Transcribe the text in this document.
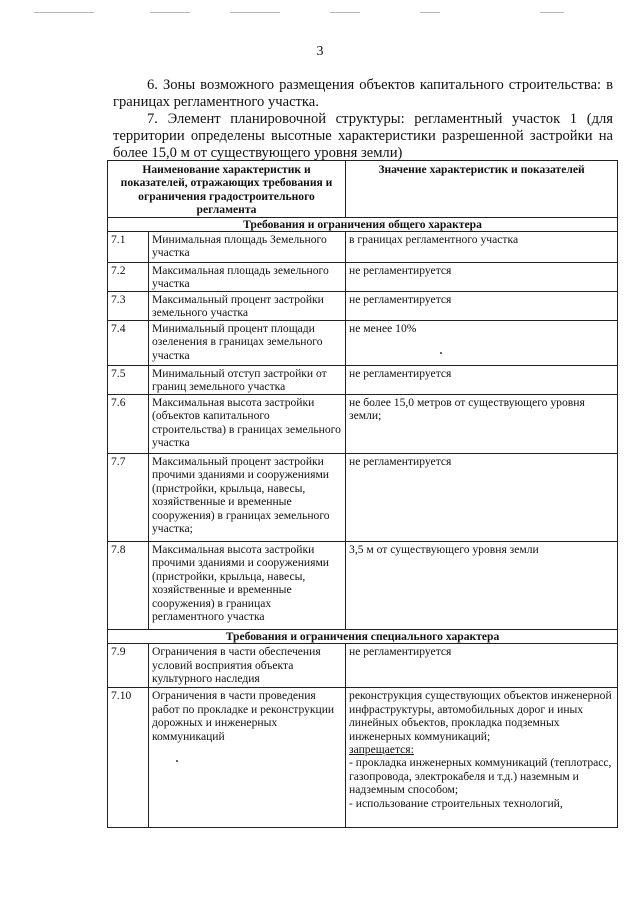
3
6. Зоны возможного размещения объектов капитального строительства: в границах регламентного участка.
7. Элемент планировочной структуры: регламентный участок 1 (для территории определены высотные характеристики разрешенной застройки на более 15,0 м от существующего уровня земли)
Наименование характеристик и показателей, отражающих требования и ограничения градостроительного регламента		Значение характеристик и показателей
Требования и ограничения общего характера		
7.1	Минимальная площадь Земельного участка	в границах регламентного участка

7.2	Максимальная площадь земельного участка	не регламентируется

7.3	Максимальный процент застройки земельного участка	не регламентируется

7.4	Минимальный процент площади озеленения в границах земельного участка	не менее 10%

7.5	Минимальный отступ застройки от границ земельного участка	не регламентируется

7.6	Максимальная высота застройки (объектов капитального строительства) в границах земельного участка	не более 15,0 метров от существующего уровня земли;

7.7	Максимальный процент застройки прочими зданиями и сооружениями (пристройки, крыльца, навесы, хозяйственные и временные сооружения) в границах земельного участка;	не регламентируется

7.8	Максимальная высота застройки прочими зданиями и сооружениями (пристройки, крыльца, навесы, хозяйственные и временные сооружения) в границах регламентного участка	3,5 м от существующего уровня земли

Требования и ограничения специального характера		
7.9	Ограничения в части обеспечения условий восприятия объекта культурного наследия	не регламентируется

7.10	Ограничения в части проведения работ по прокладке и реконструкции дорожных и инженерных коммуникаций	реконструкция существующих объектов инженерной инфраструктуры, автомобильных дорог и иных линейных объектов, прокладка подземных инженерных коммуникаций;
запрещается:
- прокладка инженерных коммуникаций (теплотрасс, газопровода, электрокабеля и т.д.) наземным и надземным способом;
- использование строительных технологий,
